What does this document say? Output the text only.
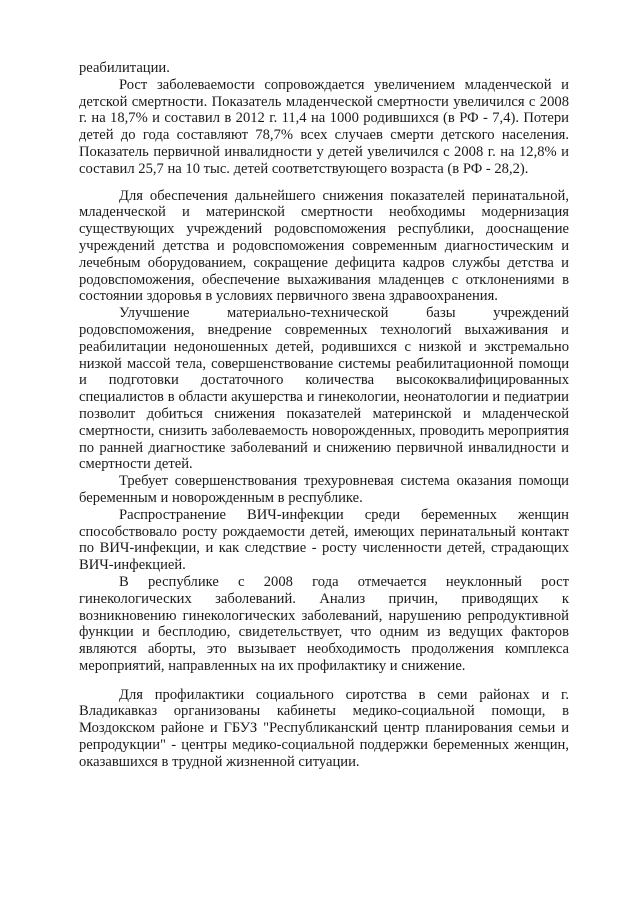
реабилитации.

Рост заболеваемости сопровождается увеличением младенческой и детской смертности. Показатель младенческой смертности увеличился с 2008 г. на 18,7% и составил в 2012 г. 11,4 на 1000 родившихся (в РФ - 7,4). Потери детей до года составляют 78,7% всех случаев смерти детского населения. Показатель первичной инвалидности у детей увеличился с 2008 г. на 12,8% и составил 25,7 на 10 тыс. детей соответствующего возраста (в РФ - 28,2).

Для обеспечения дальнейшего снижения показателей перинатальной, младенческой и материнской смертности необходимы модернизация существующих учреждений родовспоможения республики, дооснащение учреждений детства и родовспоможения современным диагностическим и лечебным оборудованием, сокращение дефицита кадров службы детства и родовспоможения, обеспечение выхаживания младенцев с отклонениями в состоянии здоровья в условиях первичного звена здравоохранения.

Улучшение материально-технической базы учреждений родовспоможения, внедрение современных технологий выхаживания и реабилитации недоношенных детей, родившихся с низкой и экстремально низкой массой тела, совершенствование системы реабилитационной помощи и подготовки достаточного количества высококвалифицированных специалистов в области акушерства и гинекологии, неонатологии и педиатрии позволит добиться снижения показателей материнской и младенческой смертности, снизить заболеваемость новорожденных, проводить мероприятия по ранней диагностике заболеваний и снижению первичной инвалидности и смертности детей.

Требует совершенствования трехуровневая система оказания помощи беременным и новорожденным в республике.

Распространение ВИЧ-инфекции среди беременных женщин способствовало росту рождаемости детей, имеющих перинатальный контакт по ВИЧ-инфекции, и как следствие - росту численности детей, страдающих ВИЧ-инфекцией.

В республике с 2008 года отмечается неуклонный рост гинекологических заболеваний. Анализ причин, приводящих к возникновению гинекологических заболеваний, нарушению репродуктивной функции и бесплодию, свидетельствует, что одним из ведущих факторов являются аборты, это вызывает необходимость продолжения комплекса мероприятий, направленных на их профилактику и снижение.

Для профилактики социального сиротства в семи районах и г. Владикавказ организованы кабинеты медико-социальной помощи, в Моздокском районе и ГБУЗ "Республиканский центр планирования семьи и репродукции" - центры медико-социальной поддержки беременных женщин, оказавшихся в трудной жизненной ситуации.
